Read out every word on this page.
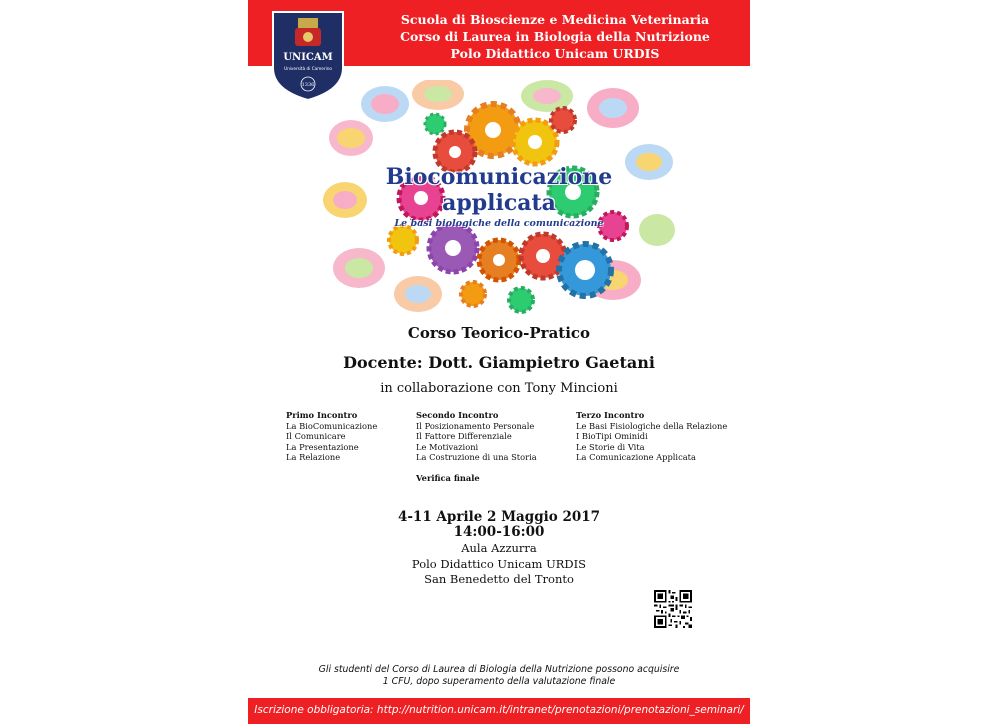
Scuola di Bioscienze e Medicina Veterinaria
Corso di Laurea in Biologia della Nutrizione
Polo Didattico Unicam URDIS
UNICAM
Università di Camerino
1336
Biocomunicazione
applicata
Le basi biologiche della comunicazione
Corso Teorico-Pratico
Docente: Dott. Giampietro Gaetani
in collaborazione con Tony Mincioni
Primo Incontro
La BioComunicazione
Il Comunicare
La Presentazione
La Relazione
Secondo Incontro
Il Posizionamento Personale
Il Fattore Differenziale
Le Motivazioni
La Costruzione di una Storia
Terzo Incontro
Le Basi Fisiologiche della Relazione
I BioTipi Ominidi
Le Storie di Vita
La Comunicazione Applicata
Verifica finale
4-11 Aprile 2 Maggio 2017
14:00-16:00
Aula Azzurra
Polo Didattico Unicam URDIS
San Benedetto del Tronto
Gli studenti del Corso di Laurea di Biologia della Nutrizione possono acquisire
1 CFU, dopo superamento della valutazione finale
Iscrizione obbligatoria: http://nutrition.unicam.it/intranet/prenotazioni/prenotazioni_seminari/
